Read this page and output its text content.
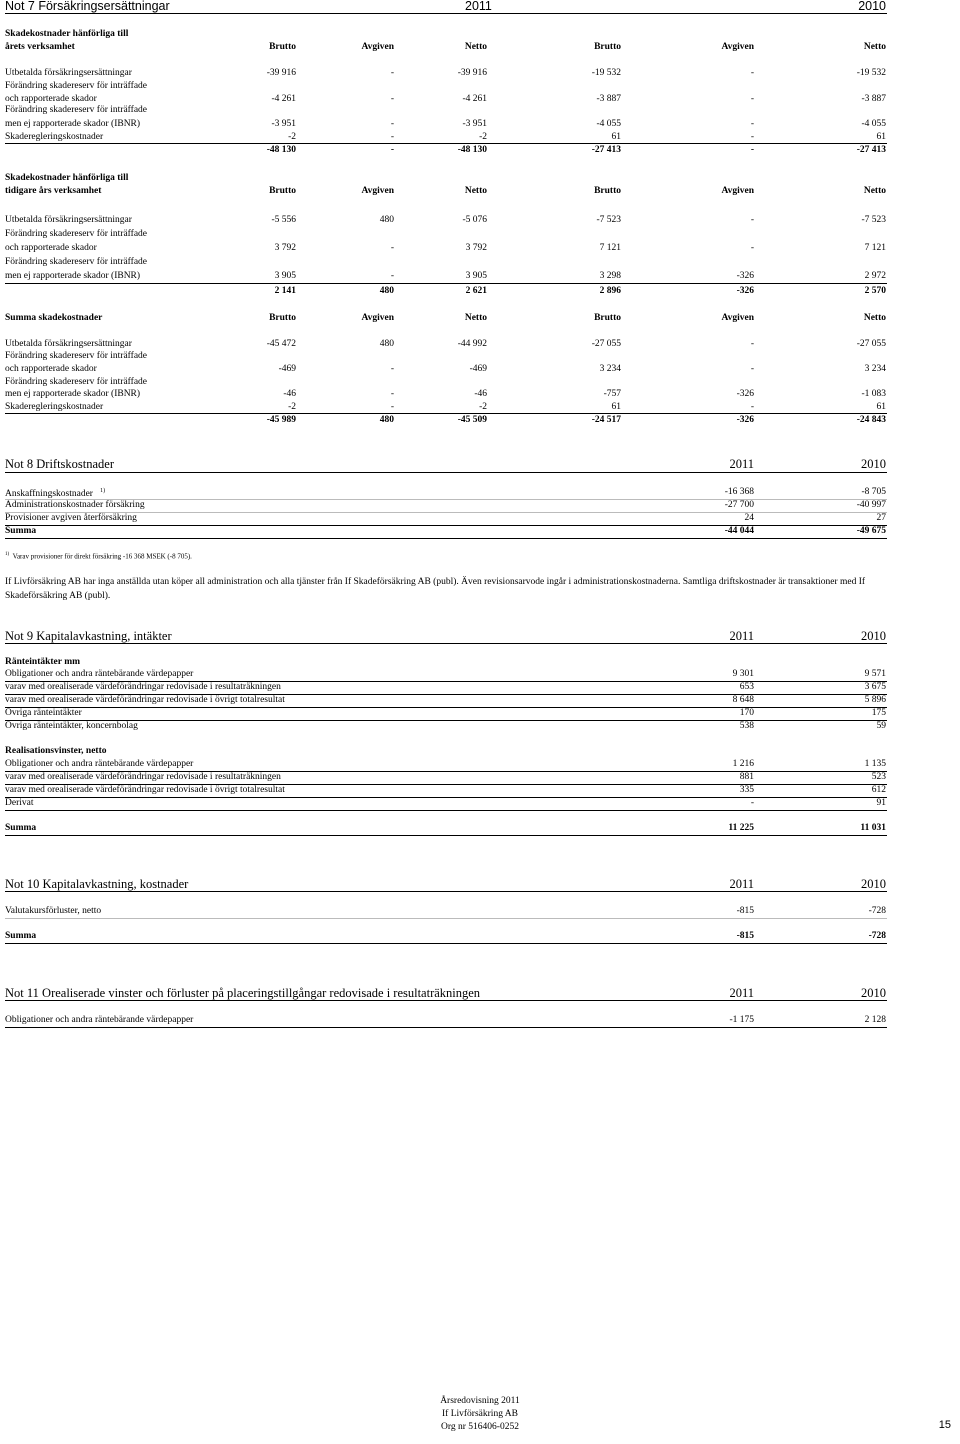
Not 7 Försäkringsersättningar	2011	2010
Skadekostnader hänförliga till
årets verksamhet	Brutto	Avgiven	Netto	Brutto	Avgiven	Netto
Utbetalda försäkringsersättningar	-39 916	-	-39 916	-19 532	-	-19 532
Förändring skadereserv för inträffade
och rapporterade skador	-4 261	-	-4 261	-3 887	-	-3 887
Förändring skadereserv för inträffade
men ej rapporterade skador (IBNR)	-3 951	-	-3 951	-4 055	-	-4 055
Skaderegleringskostnader	-2	-	-2	61	-	61
-48 130	-	-48 130	-27 413	-	-27 413
Skadekostnader hänförliga till
tidigare års verksamhet	Brutto	Avgiven	Netto	Brutto	Avgiven	Netto
Utbetalda försäkringsersättningar	-5 556	480	-5 076	-7 523	-	-7 523
Förändring skadereserv för inträffade
och rapporterade skador	3 792	-	3 792	7 121	-	7 121
Förändring skadereserv för inträffade
men ej rapporterade skador (IBNR)	3 905	-	3 905	3 298	-326	2 972
2 141	480	2 621	2 896	-326	2 570
Summa skadekostnader	Brutto	Avgiven	Netto	Brutto	Avgiven	Netto
Utbetalda försäkringsersättningar	-45 472	480	-44 992	-27 055	-	-27 055
Förändring skadereserv för inträffade
och rapporterade skador	-469	-	-469	3 234	-	3 234
Förändring skadereserv för inträffade
men ej rapporterade skador (IBNR)	-46	-	-46	-757	-326	-1 083
Skaderegleringskostnader	-2	-	-2	61	-	61
-45 989	480	-45 509	-24 517	-326	-24 843
Not 8 Driftskostnader	2011	2010
Anskaffningskostnader $^{1)}$	-16 368	-8 705
Administrationskostnader försäkring	-27 700	-40 997
Provisioner avgiven återförsäkring	24	27
Summa	-44 044	-49 675
$^{1)}$ Varav provisioner för direkt försäkring -16 368 MSEK (-8 705).
If Livförsäkring AB har inga anställda utan köper all administration och alla tjänster från If Skadeförsäkring AB (publ). Även revisionsarvode ingår i administrationskostnaderna. Samtliga driftskostnader är transaktioner med If
Skadeförsäkring AB (publ).
Not 9 Kapitalavkastning, intäkter	2011	2010
Ränteintäkter mm
Obligationer och andra räntebärande värdepapper	9 301	9 571
varav med orealiserade värdeförändringar redovisade i resultaträkningen	653	3 675
varav med orealiserade värdeförändringar redovisade i övrigt totalresultat	8 648	5 896
Övriga ränteintäkter	170	175
Övriga ränteintäkter, koncernbolag	538	59
Realisationsvinster, netto
Obligationer och andra räntebärande värdepapper	1 216	1 135
varav med orealiserade värdeförändringar redovisade i resultaträkningen	881	523
varav med orealiserade värdeförändringar redovisade i övrigt totalresultat	335	612
Derivat	-	91
Summa	11 225	11 031
Not 10 Kapitalavkastning, kostnader	2011	2010
Valutakursförluster, netto	-815	-728
Summa	-815	-728
Not 11 Orealiserade vinster och förluster på placeringstillgångar redovisade i resultaträkningen	2011	2010
Obligationer och andra räntebärande värdepapper	-1 175	2 128
Årsredovisning 2011
If Livförsäkring AB
Org nr 516406-0252	15
